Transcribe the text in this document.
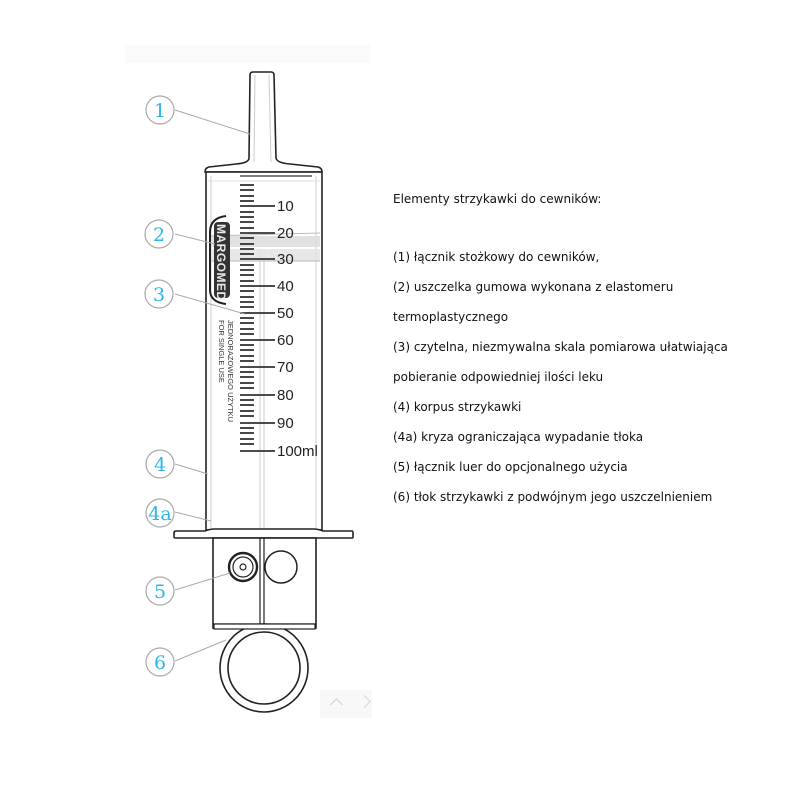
10
20
30
40
50
60
70
80
90
100ml
MARGOMED
JEDNORAZOWEGO UŻYTKU
FOR SINGLE USE
1
2
3
4
4a
5
6
Elementy strzykawki do cewników:
(1) łącznik stożkowy do cewników,
(2) uszczelka gumowa wykonana z elastomeru
termoplastycznego
(3) czytelna, niezmywalna skala pomiarowa ułatwiająca
pobieranie odpowiedniej ilości leku
(4) korpus strzykawki
(4a) kryza ograniczająca wypadanie tłoka
(5) łącznik luer do opcjonalnego użycia
(6) tłok strzykawki z podwójnym jego uszczelnieniem
